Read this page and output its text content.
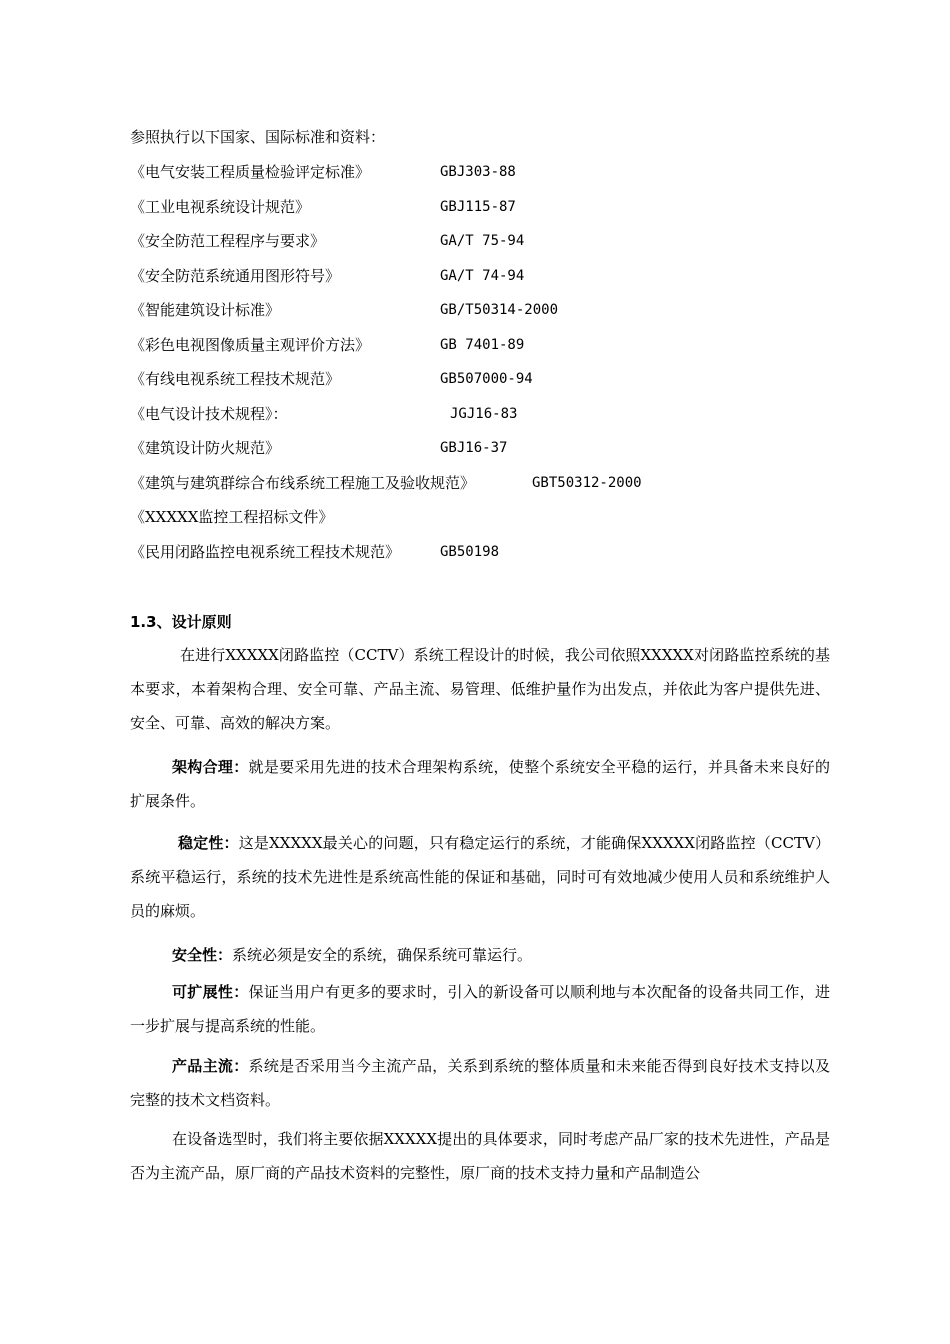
参照执行以下国家、国际标准和资料：
《电气安装工程质量检验评定标准》	GBJ303-88
《工业电视系统设计规范》	GBJ115-87
《安全防范工程程序与要求》	GA/T 75-94
《安全防范系统通用图形符号》	GA/T 74-94
《智能建筑设计标准》	GB/T50314-2000
《彩色电视图像质量主观评价方法》	GB 7401-89
《有线电视系统工程技术规范》	GB507000-94
《电气设计技术规程》：	JGJ16-83
《建筑设计防火规范》	GBJ16-37
《建筑与建筑群综合布线系统工程施工及验收规范》	GBT50312-2000
《XXXXX监控工程招标文件》
《民用闭路监控电视系统工程技术规范》	GB50198
1.3、设计原则
在进行XXXXX闭路监控（CCTV）系统工程设计的时候，我公司依照XXXXX对闭路监控系统的基本要求，本着架构合理、安全可靠、产品主流、易管理、低维护量作为出发点，并依此为客户提供先进、安全、可靠、高效的解决方案。
架构合理：就是要采用先进的技术合理架构系统，使整个系统安全平稳的运行，并具备未来良好的扩展条件。
稳定性：这是XXXXX最关心的问题，只有稳定运行的系统，才能确保XXXXX闭路监控（CCTV）系统平稳运行，系统的技术先进性是系统高性能的保证和基础，同时可有效地减少使用人员和系统维护人员的麻烦。
安全性：系统必须是安全的系统，确保系统可靠运行。
可扩展性：保证当用户有更多的要求时，引入的新设备可以顺利地与本次配备的设备共同工作，进一步扩展与提高系统的性能。
产品主流：系统是否采用当今主流产品，关系到系统的整体质量和未来能否得到良好技术支持以及完整的技术文档资料。
在设备选型时，我们将主要依据XXXXX提出的具体要求，同时考虑产品厂家的技术先进性，产品是否为主流产品，原厂商的产品技术资料的完整性，原厂商的技术支持力量和产品制造公
